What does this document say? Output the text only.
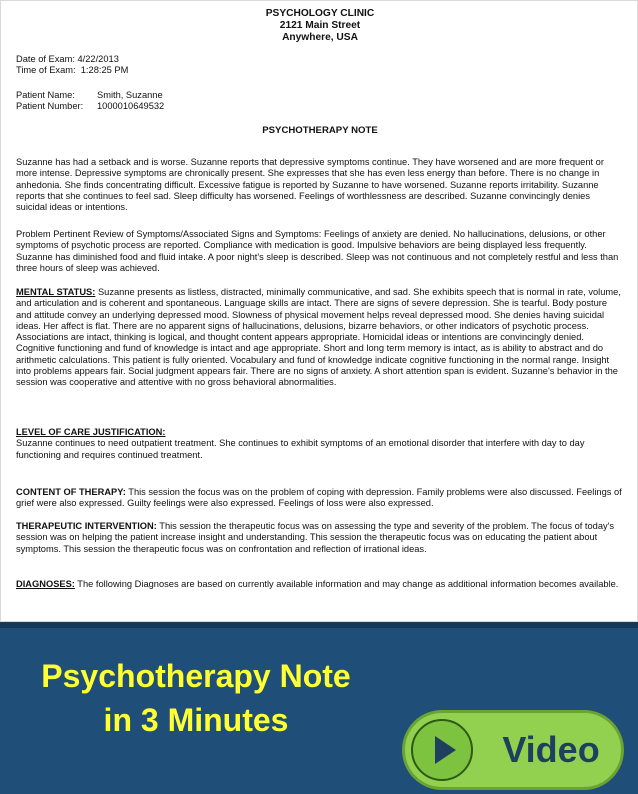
PSYCHOLOGY CLINIC
2121 Main Street
Anywhere, USA
Date of Exam: 4/22/2013
Time of Exam: 1:28:25 PM
Patient Name: Smith, Suzanne
Patient Number: 1000010649532
PSYCHOTHERAPY NOTE
Suzanne has had a setback and is worse. Suzanne reports that depressive symptoms continue. They have worsened and are more frequent or more intense. Depressive symptoms are chronically present. She expresses that she has even less energy than before. There is no change in anhedonia. She finds concentrating difficult. Excessive fatigue is reported by Suzanne to have worsened. Suzanne reports irritability. Suzanne reports that she continues to feel sad. Sleep difficulty has worsened. Feelings of worthlessness are described. Suzanne convincingly denies suicidal ideas or intentions.
Problem Pertinent Review of Symptoms/Associated Signs and Symptoms: Feelings of anxiety are denied. No hallucinations, delusions, or other symptoms of psychotic process are reported. Compliance with medication is good. Impulsive behaviors are being displayed less frequently. Suzanne has diminished food and fluid intake. A poor night's sleep is described. Sleep was not continuous and not completely restful and less than three hours of sleep was achieved.
MENTAL STATUS: Suzanne presents as listless, distracted, minimally communicative, and sad. She exhibits speech that is normal in rate, volume, and articulation and is coherent and spontaneous. Language skills are intact. There are signs of severe depression. She is tearful. Body posture and attitude convey an underlying depressed mood. Slowness of physical movement helps reveal depressed mood. She denies having suicidal ideas. Her affect is flat. There are no apparent signs of hallucinations, delusions, bizarre behaviors, or other indicators of psychotic process. Associations are intact, thinking is logical, and thought content appears appropriate. Homicidal ideas or intentions are convincingly denied. Cognitive functioning and fund of knowledge is intact and age appropriate. Short and long term memory is intact, as is ability to abstract and do arithmetic calculations. This patient is fully oriented. Vocabulary and fund of knowledge indicate cognitive functioning in the normal range. Insight into problems appears fair. Social judgment appears fair. There are no signs of anxiety. A short attention span is evident. Suzanne's behavior in the session was cooperative and attentive with no gross behavioral abnormalities.
LEVEL OF CARE JUSTIFICATION:
Suzanne continues to need outpatient treatment. She continues to exhibit symptoms of an emotional disorder that interfere with day to day functioning and requires continued treatment.
CONTENT OF THERAPY: This session the focus was on the problem of coping with depression. Family problems were also discussed. Feelings of grief were also expressed. Guilty feelings were also expressed. Feelings of loss were also expressed.
THERAPEUTIC INTERVENTION: This session the therapeutic focus was on assessing the type and severity of the problem. The focus of today's session was on helping the patient increase insight and understanding. This session the therapeutic focus was on educating the patient about symptoms. This session the therapeutic focus was on confrontation and reflection of irrational ideas.
DIAGNOSES: The following Diagnoses are based on currently available information and may change as additional information becomes available.
Psychotherapy Note
in 3 Minutes
Video
